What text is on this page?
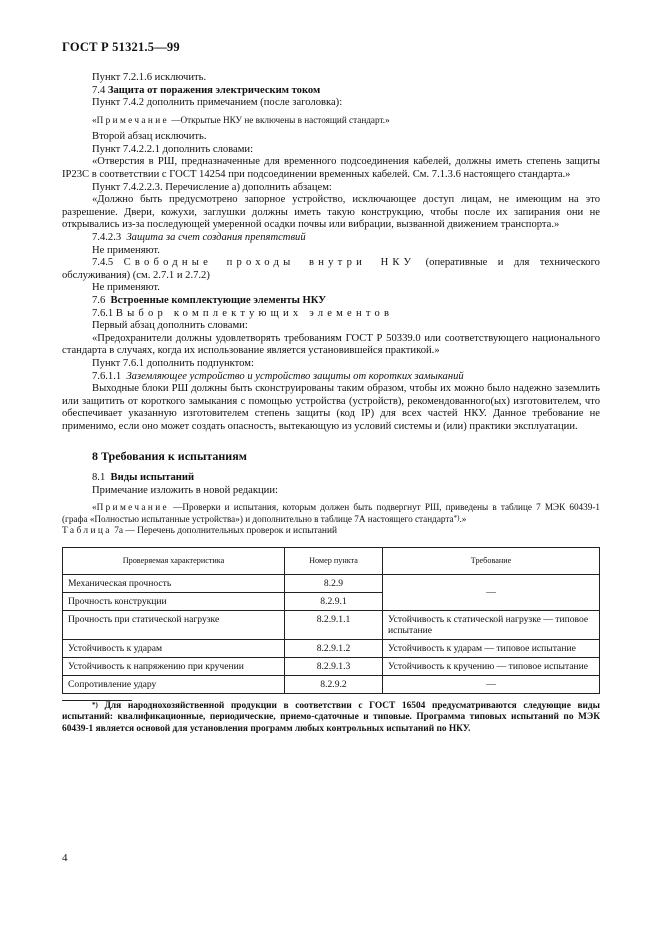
ГОСТ Р 51321.5—99

Пункт 7.2.1.6 исключить.

7.4 Защита от поражения электрическим током

Пункт 7.4.2 дополнить примечанием (после заголовка):

«Примечание —Открытые НКУ не включены в настоящий стандарт.»

Второй абзац исключить.

Пункт 7.4.2.2.1 дополнить словами:

«Отверстия в РШ, предназначенные для временного подсоединения кабелей, должны иметь степень защиты IP23C в соответствии с ГОСТ 14254 при подсоединении временных кабелей. См. 7.1.3.6 настоящего стандарта.»

Пункт 7.4.2.2.3. Перечисление а) дополнить абзацем:

«Должно быть предусмотрено запорное устройство, исключающее доступ лицам, не имеющим на это разрешение. Двери, кожухи, заглушки должны иметь такую конструкцию, чтобы после их запирания они не открывались из-за последующей умеренной осадки почвы или вибрации, вызванной движением транспорта.»

7.4.2.3 Защита за счет создания препятствий

Не применяют.

7.4.5 Свободные проходы внутри НКУ (оперативные и для технического обслуживания) (см. 2.7.1 и 2.7.2)

Не применяют.

7.6 Встроенные комплектующие элементы НКУ

7.6.1 Выбор комплектующих элементов

Первый абзац дополнить словами:

«Предохранители должны удовлетворять требованиям ГОСТ Р 50339.0 или соответствующего национального стандарта в случаях, когда их использование является установившейся практикой.»

Пункт 7.6.1 дополнить подпунктом:

7.6.1.1 Заземляющее устройство и устройство защиты от коротких замыканий

Выходные блоки РШ должны быть сконструированы таким образом, чтобы их можно было надежно заземлить или защитить от короткого замыкания с помощью устройства (устройств), рекомендованного(ых) изготовителем, что обеспечивает указанную изготовителем степень защиты (код IP) для всех частей НКУ. Данное требование не применимо, если оно может создать опасность, вытекающую из условий системы и (или) практики эксплуатации.

8 Требования к испытаниям

8.1 Виды испытаний

Примечание изложить в новой редакции:

«Примечание —Проверки и испытания, которым должен быть подвергнут РШ, приведены в таблице 7 МЭК 60439-1 (графа «Полностью испытанные устройства») и дополнительно в таблице 7А настоящего стандарта*).»

Таблица 7а — Перечень дополнительных проверок и испытаний

Проверяемая характеристика	Номер пункта	Требование
Механическая прочность	8.2.9	—
Прочность конструкции	8.2.9.1	
Прочность при статической нагрузке	8.2.9.1.1	Устойчивость к статической нагрузке — типовое испытание
Устойчивость к ударам	8.2.9.1.2	Устойчивость к ударам — типовое испытание
Устойчивость к напряжению при кручении	8.2.9.1.3	Устойчивость к кручению — типовое испытание
Сопротивление удару	8.2.9.2	—

*) Для народнохозяйственной продукции в соответствии с ГОСТ 16504 предусматриваются следующие виды испытаний: квалификационные, периодические, приемо-сдаточные и типовые. Программа типовых испытаний по МЭК 60439-1 является основой для установления программ любых контрольных испытаний по НКУ.

4
